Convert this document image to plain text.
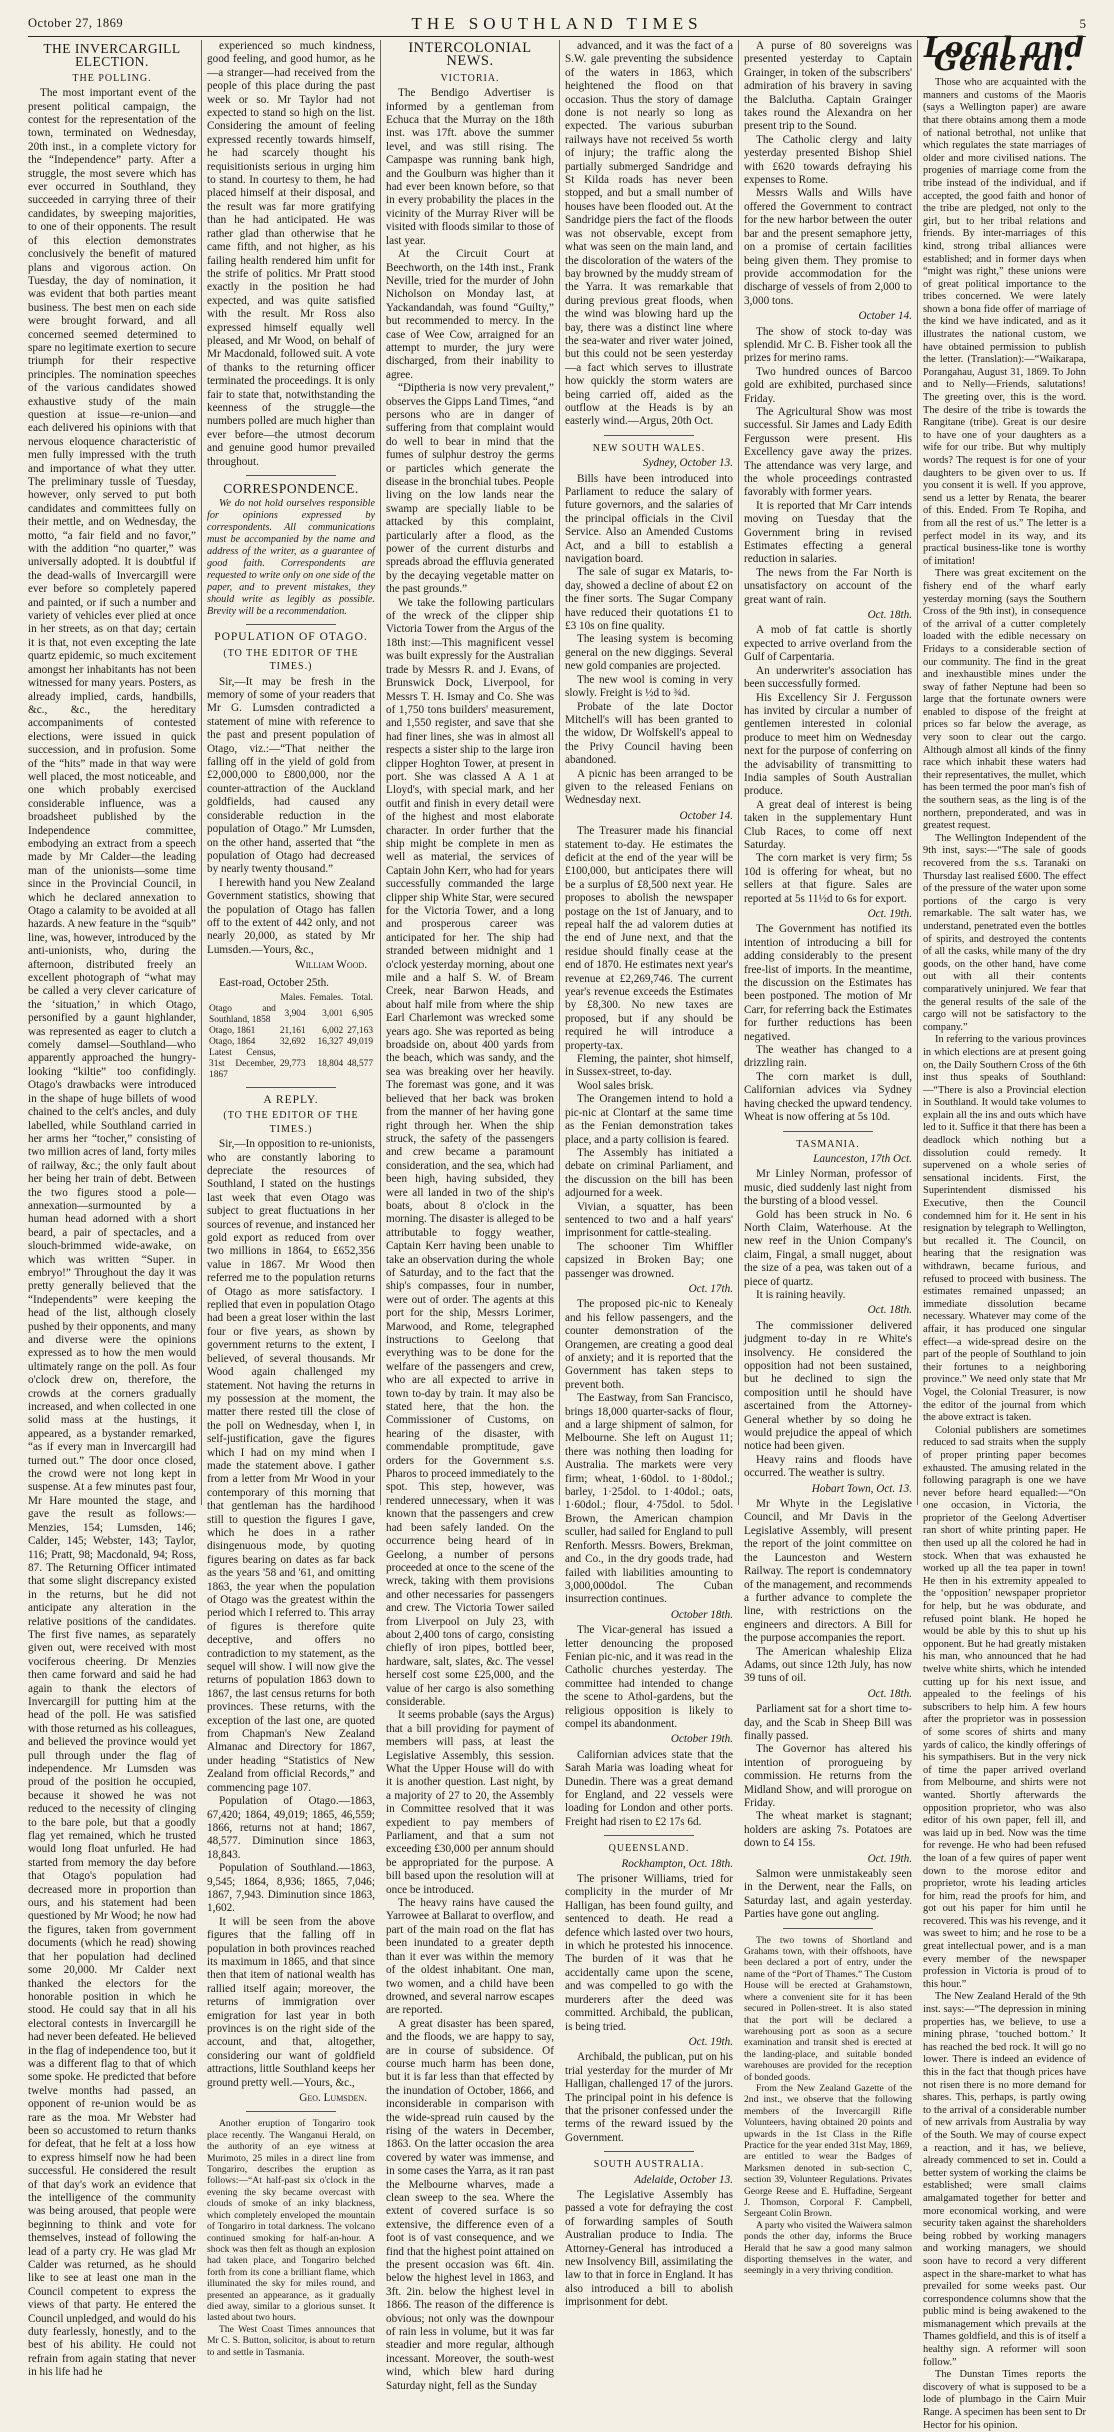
October 27, 1869	THE SOUTHLAND TIMES	5
THE INVERCARGILL ELECTION.
THE POLLING.

The most important event of the present political campaign, the contest for the representation of the town, terminated on Wednesday, 20th inst., in a complete victory for the “Independence” party. After a struggle, the most severe which has ever occurred in Southland, they succeeded in carrying three of their candidates, by sweeping majorities, to one of their opponents. The result of this election demonstrates conclusively the benefit of matured plans and vigorous action. On Tuesday, the day of nomination, it was evident that both parties meant business. The best men on each side were brought forward, and all concerned seemed determined to spare no legitimate exertion to secure triumph for their respective principles. The nomination speeches of the various candidates showed exhaustive study of the main question at issue—re-union—and each delivered his opinions with that nervous eloquence characteristic of men fully impressed with the truth and importance of what they utter. The preliminary tussle of Tuesday, however, only served to put both candidates and committees fully on their mettle, and on Wednesday, the motto, “a fair field and no favor,” with the addition “no quarter,” was universally adopted. It is doubtful if the dead-walls of Invercargill were ever before so completely papered and painted, or if such a number and variety of vehicles ever plied at once in her streets, as on that day; certain it is that, not even excepting the late quartz epidemic, so much excitement amongst her inhabitants has not been witnessed for many years. Posters, as already implied, cards, handbills, &c., &c., the hereditary accompaniments of contested elections, were issued in quick succession, and in profusion. Some of the “hits” made in that way were well placed, the most noticeable, and one which probably exercised considerable influence, was a broadsheet published by the Independence committee, embodying an extract from a speech made by Mr Calder—the leading man of the unionists—some time since in the Provincial Council, in which he declared annexation to Otago a calamity to be avoided at all hazards. A new feature in the “squib” line, was, however, introduced by the anti-unionists, who, during the afternoon, distributed freely an excellent photograph of “what may be called a very clever caricature of the ‘situation,’ in which Otago, personified by a gaunt highlander, was represented as eager to clutch a comely damsel—Southland—who apparently approached the hungry-looking “kiltie” too confidingly. Otago's drawbacks were introduced in the shape of huge billets of wood chained to the celt's ancles, and duly labelled, while Southland carried in her arms her “tocher,” consisting of two million acres of land, forty miles of railway, &c.; the only fault about her being her train of debt. Between the two figures stood a pole—annexation—surmounted by a human head adorned with a short beard, a pair of spectacles, and a slouch-brimmed wide-awake, on which was written “Super. in embryo!” Throughout the day it was pretty generally believed that the “Independents” were keeping the head of the list, although closely pushed by their opponents, and many and diverse were the opinions expressed as to how the men would ultimately range on the poll. As four o'clock drew on, therefore, the crowds at the corners gradually increased, and when collected in one solid mass at the hustings, it appeared, as a bystander remarked, “as if every man in Invercargill had turned out.” The door once closed, the crowd were not long kept in suspense. At a few minutes past four, Mr Hare mounted the stage, and gave the result as follows:—Menzies, 154; Lumsden, 146; Calder, 145; Webster, 143; Taylor, 116; Pratt, 98; Macdonald, 94; Ross, 87. The Returning Officer intimated that some slight discrepancy existed in the returns, but he did not anticipate any alteration in the relative positions of the candidates. The first five names, as separately given out, were received with most vociferous cheering. Dr Menzies then came forward and said he had again to thank the electors of Invercargill for putting him at the head of the poll. He was satisfied with those returned as his colleagues, and believed the province would yet pull through under the flag of independence. Mr Lumsden was proud of the position he occupied, because it showed he was not reduced to the necessity of clinging to the bare pole, but that a goodly flag yet remained, which he trusted would long float unfurled. He had started from memory the day before that Otago's population had decreased more in proportion than ours, and his statement had been questioned by Mr Wood; he now had the figures, taken from government documents (which he read) showing that her population had declined some 20,000. Mr Calder next thanked the electors for the honorable position in which he stood. He could say that in all his electoral contests in Invercargill he had never been defeated. He believed in the flag of independence too, but it was a different flag to that of which some spoke. He predicted that before twelve months had passed, an opponent of re-union would be as rare as the moa. Mr Webster had been so accustomed to return thanks for defeat, that he felt at a loss how to express himself now he had been successful. He considered the result of that day's work an evidence that the intelligence of the community was being aroused, that people were beginning to think and vote for themselves, instead of following the lead of a party cry. He was glad Mr Calder was returned, as he should like to see at least one man in the Council competent to express the views of that party. He entered the Council unpledged, and would do his duty fearlessly, honestly, and to the best of his ability. He could not refrain from again stating that never in his life had he

experienced so much kindness, good feeling, and good humor, as he—a stranger—had received from the people of this place during the past week or so. Mr Taylor had not expected to stand so high on the list. Considering the amount of feeling expressed recently towards himself, he had scarcely thought his requisitionists serious in urging him to stand. In courtesy to them, he had placed himself at their disposal, and the result was far more gratifying than he had anticipated. He was rather glad than otherwise that he came fifth, and not higher, as his failing health rendered him unfit for the strife of politics. Mr Pratt stood exactly in the position he had expected, and was quite satisfied with the result. Mr Ross also expressed himself equally well pleased, and Mr Wood, on behalf of Mr Macdonald, followed suit. A vote of thanks to the returning officer terminated the proceedings. It is only fair to state that, notwithstanding the keenness of the struggle—the numbers polled are much higher than ever before—the utmost decorum and genuine good humor prevailed throughout.

CORRESPONDENCE.

We do not hold ourselves responsible for opinions expressed by correspondents. All communications must be accompanied by the name and address of the writer, as a guarantee of good faith. Correspondents are requested to write only on one side of the paper, and to prevent mistakes, they should write as legibly as possible. Brevity will be a recommendation.

POPULATION OF OTAGO.
(TO THE EDITOR OF THE TIMES.)

Sir,—It may be fresh in the memory of some of your readers that Mr G. Lumsden contradicted a statement of mine with reference to the past and present population of Otago, viz.:—“That neither the falling off in the yield of gold from £2,000,000 to £800,000, nor the counter-attraction of the Auckland goldfields, had caused any considerable reduction in the population of Otago.” Mr Lumsden, on the other hand, asserted that “the population of Otago had decreased by nearly twenty thousand.”

I herewith hand you New Zealand Government statistics, showing that the population of Otago has fallen off to the extent of 442 only, and not nearly 20,000, as stated by Mr Lumsden.—Yours, &c.,

William Wood.

East-road, October 25th.

	Males.	Females.	Total.
Otago and Southland, 1858	3,904	3,001	6,905
Otago, 1861	21,161	6,002	27,163
Otago, 1864	32,692	16,327	49,019
Latest Census, 31st December, 1867	29,773	18,804	48,577
A REPLY.
(TO THE EDITOR OF THE TIMES.)

Sir,—In opposition to re-unionists, who are constantly laboring to depreciate the resources of Southland, I stated on the hustings last week that even Otago was subject to great fluctuations in her sources of revenue, and instanced her gold export as reduced from over two millions in 1864, to £652,356 value in 1867. Mr Wood then referred me to the population returns of Otago as more satisfactory. I replied that even in population Otago had been a great loser within the last four or five years, as shown by government returns to the extent, I believed, of several thousands. Mr Wood again challenged my statement. Not having the returns in my possession at the moment, the matter there rested till the close of the poll on Wednesday, when I, in self-justification, gave the figures which I had on my mind when I made the statement above. I gather from a letter from Mr Wood in your contemporary of this morning that that gentleman has the hardihood still to question the figures I gave, which he does in a rather disingenuous mode, by quoting figures bearing on dates as far back as the years '58 and '61, and omitting 1863, the year when the population of Otago was the greatest within the period which I referred to. This array of figures is therefore quite deceptive, and offers no contradiction to my statement, as the sequel will show. I will now give the returns of population 1863 down to 1867, the last census returns for both provinces. These returns, with the exception of the last one, are quoted from Chapman's New Zealand Almanac and Directory for 1867, under heading “Statistics of New Zealand from official Records,” and commencing page 107.

Population of Otago.—1863, 67,420; 1864, 49,019; 1865, 46,559; 1866, returns not at hand; 1867, 48,577. Diminution since 1863, 18,843.

Population of Southland.—1863, 9,545; 1864, 8,936; 1865, 7,046; 1867, 7,943. Diminution since 1863, 1,602.

It will be seen from the above figures that the falling off in population in both provinces reached its maximum in 1865, and that since then that item of national wealth has rallied itself again; moreover, the returns of immigration over emigration for last year in both provinces is on the right side of the account, and that, altogether, considering our want of goldfield attractions, little Southland keeps her ground pretty well.—Yours, &c.,

Geo. Lumsden.

Another eruption of Tongariro took place recently. The Wanganui Herald, on the authority of an eye witness at Murimoto, 25 miles in a direct line from Tongariro, describes the eruption as follows:—“At half-past six o'clock in the evening the sky became overcast with clouds of smoke of an inky blackness, which completely enveloped the mountain of Tongariro in total darkness. The volcano continued smoking for half-an-hour. A shock was then felt as though an explosion had taken place, and Tongariro belched forth from its cone a brilliant flame, which illuminated the sky for miles round, and presented an appearance, as it gradually died away, similar to a glorious sunset. It lasted about two hours.

The West Coast Times announces that Mr C. S. Button, solicitor, is about to return to and settle in Tasmania.

INTERCOLONIAL NEWS.
VICTORIA.

The Bendigo Advertiser is informed by a gentleman from Echuca that the Murray on the 18th inst. was 17ft. above the summer level, and was still rising. The Campaspe was running bank high, and the Goulburn was higher than it had ever been known before, so that in every probability the places in the vicinity of the Murray River will be visited with floods similar to those of last year.

At the Circuit Court at Beechworth, on the 14th inst., Frank Neville, tried for the murder of John Nicholson on Monday last, at Yackandandah, was found “Guilty,” but recommended to mercy. In the case of Wee Cow, arraigned for an attempt to murder, the jury were discharged, from their inability to agree.

“Diptheria is now very prevalent,” observes the Gipps Land Times, “and persons who are in danger of suffering from that complaint would do well to bear in mind that the fumes of sulphur destroy the germs or particles which generate the disease in the bronchial tubes. People living on the low lands near the swamp are specially liable to be attacked by this complaint, particularly after a flood, as the power of the current disturbs and spreads abroad the effluvia generated by the decaying vegetable matter on the past grounds.”

We take the following particulars of the wreck of the clipper ship Victoria Tower from the Argus of the 18th inst:—This magnificent vessel was built expressly for the Australian trade by Messrs R. and J. Evans, of Brunswick Dock, Liverpool, for Messrs T. H. Ismay and Co. She was of 1,750 tons builders' measurement, and 1,550 register, and save that she had finer lines, she was in almost all respects a sister ship to the large iron clipper Hoghton Tower, at present in port. She was classed A A 1 at Lloyd's, with special mark, and her outfit and finish in every detail were of the highest and most elaborate character. In order further that the ship might be complete in men as well as material, the services of Captain John Kerr, who had for years successfully commanded the large clipper ship White Star, were secured for the Victoria Tower, and a long and prosperous career was anticipated for her. The ship had stranded between midnight and 1 o'clock yesterday morning, about one mile and a half S. W. of Bream Creek, near Barwon Heads, and about half mile from where the ship Earl Charlemont was wrecked some years ago. She was reported as being broadside on, about 400 yards from the beach, which was sandy, and the sea was breaking over her heavily. The foremast was gone, and it was believed that her back was broken from the manner of her having gone right through her. When the ship struck, the safety of the passengers and crew became a paramount consideration, and the sea, which had been high, having subsided, they were all landed in two of the ship's boats, about 8 o'clock in the morning. The disaster is alleged to be attributable to foggy weather, Captain Kerr having been unable to take an observation during the whole of Saturday, and to the fact that the ship's compasses, four in number, were out of order. The agents at this port for the ship, Messrs Lorimer, Marwood, and Rome, telegraphed instructions to Geelong that everything was to be done for the welfare of the passengers and crew, who are all expected to arrive in town to-day by train. It may also be stated here, that the hon. the Commissioner of Customs, on hearing of the disaster, with commendable promptitude, gave orders for the Government s.s. Pharos to proceed immediately to the spot. This step, however, was rendered unnecessary, when it was known that the passengers and crew had been safely landed. On the occurrence being heard of in Geelong, a number of persons proceeded at once to the scene of the wreck, taking with them provisions and other necessaries for passengers and crew. The Victoria Tower sailed from Liverpool on July 23, with about 2,400 tons of cargo, consisting chiefly of iron pipes, bottled beer, hardware, salt, slates, &c. The vessel herself cost some £25,000, and the value of her cargo is also something considerable.

It seems probable (says the Argus) that a bill providing for payment of members will pass, at least the Legislative Assembly, this session. What the Upper House will do with it is another question. Last night, by a majority of 27 to 20, the Assembly in Committee resolved that it was expedient to pay members of Parliament, and that a sum not exceeding £30,000 per annum should be appropriated for the purpose. A bill based upon the resolution will at once be introduced.

The heavy rains have caused the Yarrowee at Ballarat to overflow, and part of the main road on the flat has been inundated to a greater depth than it ever was within the memory of the oldest inhabitant. One man, two women, and a child have been drowned, and several narrow escapes are reported.

A great disaster has been spared, and the floods, we are happy to say, are in course of subsidence. Of course much harm has been done, but it is far less than that effected by the inundation of October, 1866, and inconsiderable in comparison with the wide-spread ruin caused by the rising of the waters in December, 1863. On the latter occasion the area covered by water was immense, and in some cases the Yarra, as it ran past the Melbourne wharves, made a clean sweep to the sea. Where the extent of covered surface is so extensive, the difference even of a foot is of vast consequence, and we find that the highest point attained on the present occasion was 6ft. 4in. below the highest level in 1863, and 3ft. 2in. below the highest level in 1866. The reason of the difference is obvious; not only was the downpour of rain less in volume, but it was far steadier and more regular, although incessant. Moreover, the south-west wind, which blew hard during Saturday night, fell as the Sunday

advanced, and it was the fact of a S.W. gale preventing the subsidence of the waters in 1863, which heightened the flood on that occasion. Thus the story of damage done is not nearly so long as expected. The various suburban railways have not received 5s worth of injury; the traffic along the partially submerged Sandridge and St Kilda roads has never been stopped, and but a small number of houses have been flooded out. At the Sandridge piers the fact of the floods was not observable, except from what was seen on the main land, and the discoloration of the waters of the bay browned by the muddy stream of the Yarra. It was remarkable that during previous great floods, when the wind was blowing hard up the bay, there was a distinct line where the sea-water and river water joined, but this could not be seen yesterday—a fact which serves to illustrate how quickly the storm waters are being carried off, aided as the outflow at the Heads is by an easterly wind.—Argus, 20th Oct.

NEW SOUTH WALES.
Sydney, October 13.

Bills have been introduced into Parliament to reduce the salary of future governors, and the salaries of the principal officials in the Civil Service. Also an Amended Customs Act, and a bill to establish a navigation board.

The sale of sugar ex Mataris, to-day, showed a decline of about £2 on the finer sorts. The Sugar Company have reduced their quotations £1 to £3 10s on fine quality.

The leasing system is becoming general on the new diggings. Several new gold companies are projected.

The new wool is coming in very slowly. Freight is ½d to ¾d.

Probate of the late Doctor Mitchell's will has been granted to the widow, Dr Wolfskell's appeal to the Privy Council having been abandoned.

A picnic has been arranged to be given to the released Fenians on Wednesday next.

October 14.

The Treasurer made his financial statement to-day. He estimates the deficit at the end of the year will be £100,000, but anticipates there will be a surplus of £8,500 next year. He proposes to abolish the newspaper postage on the 1st of January, and to repeal half the ad valorem duties at the end of June next, and that the residue should finally cease at the end of 1870. He estimates next year's revenue at £2,269,746. The current year's revenue exceeds the Estimates by £8,300. No new taxes are proposed, but if any should be required he will introduce a property-tax.

Fleming, the painter, shot himself, in Sussex-street, to-day.

Wool sales brisk.

The Orangemen intend to hold a pic-nic at Clontarf at the same time as the Fenian demonstration takes place, and a party collision is feared.

The Assembly has initiated a debate on criminal Parliament, and the discussion on the bill has been adjourned for a week.

Vivian, a squatter, has been sentenced to two and a half years' imprisonment for cattle-stealing.

The schooner Tim Whiffler capsized in Broken Bay; one passenger was drowned.

Oct. 17th.

The proposed pic-nic to Kenealy and his fellow passengers, and the counter demonstration of the Orangemen, are creating a good deal of anxiety; and it is reported that the Government has taken steps to prevent both.

The Eastway, from San Francisco, brings 18,000 quarter-sacks of flour, and a large shipment of salmon, for Melbourne. She left on August 11; there was nothing then loading for Australia. The markets were very firm; wheat, 1·60dol. to 1·80dol.; barley, 1·25dol. to 1·40dol.; oats, 1·60dol.; flour, 4·75dol. to 5dol. Brown, the American champion sculler, had sailed for England to pull Renforth. Messrs. Bowers, Brekman, and Co., in the dry goods trade, had failed with liabilities amounting to 3,000,000dol. The Cuban insurrection continues.

October 18th.

The Vicar-general has issued a letter denouncing the proposed Fenian pic-nic, and it was read in the Catholic churches yesterday. The committee had intended to change the scene to Athol-gardens, but the religious opposition is likely to compel its abandonment.

October 19th.

Californian advices state that the Sarah Maria was loading wheat for Dunedin. There was a great demand for England, and 22 vessels were loading for London and other ports. Freight had risen to £2 17s 6d.

QUEENSLAND.
Rockhampton, Oct. 18th.

The prisoner Williams, tried for complicity in the murder of Mr Halligan, has been found guilty, and sentenced to death. He read a defence which lasted over two hours, in which he protested his innocence. The burden of it was that he accidentally came upon the scene, and was compelled to go with the murderers after the deed was committed. Archibald, the publican, is being tried.

Oct. 19th.

Archibald, the publican, put on his trial yesterday for the murder of Mr Halligan, challenged 17 of the jurors. The principal point in his defence is that the prisoner confessed under the terms of the reward issued by the Government.

SOUTH AUSTRALIA.
Adelaide, October 13.

The Legislative Assembly has passed a vote for defraying the cost of forwarding samples of South Australian produce to India. The Attorney-General has introduced a new Insolvency Bill, assimilating the law to that in force in England. It has also introduced a bill to abolish imprisonment for debt.

A purse of 80 sovereigns was presented yesterday to Captain Grainger, in token of the subscribers' admiration of his bravery in saving the Balclutha. Captain Grainger takes round the Alexandra on her present trip to the Sound.

The Catholic clergy and laity yesterday presented Bishop Shiel with £620 towards defraying his expenses to Rome.

Messrs Walls and Wills have offered the Government to contract for the new harbor between the outer bar and the present semaphore jetty, on a promise of certain facilities being given them. They promise to provide accommodation for the discharge of vessels of from 2,000 to 3,000 tons.

October 14.

The show of stock to-day was splendid. Mr C. B. Fisher took all the prizes for merino rams.

Two hundred ounces of Barcoo gold are exhibited, purchased since Friday.

The Agricultural Show was most successful. Sir James and Lady Edith Fergusson were present. His Excellency gave away the prizes. The attendance was very large, and the whole proceedings contrasted favorably with former years.

It is reported that Mr Carr intends moving on Tuesday that the Government bring in revised Estimates effecting a general reduction in salaries.

The news from the Far North is unsatisfactory on account of the great want of rain.

Oct. 18th.

A mob of fat cattle is shortly expected to arrive overland from the Gulf of Carpentaria.

An underwriter's association has been successfully formed.

His Excellency Sir J. Fergusson has invited by circular a number of gentlemen interested in colonial produce to meet him on Wednesday next for the purpose of conferring on the advisability of transmitting to India samples of South Australian produce.

A great deal of interest is being taken in the supplementary Hunt Club Races, to come off next Saturday.

The corn market is very firm; 5s 10d is offering for wheat, but no sellers at that figure. Sales are reported at 5s 11½d to 6s for export.

Oct. 19th.

The Government has notified its intention of introducing a bill for adding considerably to the present free-list of imports. In the meantime, the discussion on the Estimates has been postponed. The motion of Mr Carr, for referring back the Estimates for further reductions has been negatived.

The weather has changed to a drizzling rain.

The corn market is dull, Californian advices via Sydney having checked the upward tendency. Wheat is now offering at 5s 10d.

TASMANIA.
Launceston, 17th Oct.

Mr Linley Norman, professor of music, died suddenly last night from the bursting of a blood vessel.

Gold has been struck in No. 6 North Claim, Waterhouse. At the new reef in the Union Company's claim, Fingal, a small nugget, about the size of a pea, was taken out of a piece of quartz.

It is raining heavily.

Oct. 18th.

The commissioner delivered judgment to-day in re White's insolvency. He considered the opposition had not been sustained, but he declined to sign the composition until he should have ascertained from the Attorney-General whether by so doing he would prejudice the appeal of which notice had been given.

Heavy rains and floods have occurred. The weather is sultry.

Hobart Town, Oct. 13.

Mr Whyte in the Legislative Council, and Mr Davis in the Legislative Assembly, will present the report of the joint committee on the Launceston and Western Railway. The report is condemnatory of the management, and recommends a further advance to complete the line, with restrictions on the engineers and directors. A Bill for the purpose accompanies the report.

The American whaleship Eliza Adams, out since 12th July, has now 39 tuns of oil.

Oct. 18th.

Parliament sat for a short time to-day, and the Scab in Sheep Bill was finally passed.

The Governor has altered his intention of prorogueing by commission. He returns from the Midland Show, and will prorogue on Friday.

The wheat market is stagnant; holders are asking 7s. Potatoes are down to £4 15s.

Oct. 19th.

Salmon were unmistakeably seen in the Derwent, near the Falls, on Saturday last, and again yesterday. Parties have gone out angling.

The two towns of Shortland and Grahams town, with their offshoots, have been declared a port of entry, under the name of the “Port of Thames.” The Custom House will be erected at Grahamstown, where a convenient site for it has been secured in Pollen-street. It is also stated that the port will be declared a warehousing port as soon as a secure examination and transit shed is erected at the landing-place, and suitable bonded warehouses are provided for the reception of bonded goods.

From the New Zealand Gazette of the 2nd inst., we observe that the following members of the Invercargill Rifle Volunteers, having obtained 20 points and upwards in the 1st Class in the Rifle Practice for the year ended 31st May, 1869, are entitled to wear the Badges of Marksmen denoted in sub-section C, section 39, Volunteer Regulations. Privates George Reese and E. Huffadine, Sergeant J. Thomson, Corporal F. Campbell, Sergeant Colin Brown.

A party who visited the Waiwera salmon ponds the other day, informs the Bruce Herald that he saw a good many salmon disporting themselves in the water, and seemingly in a very thriving condition.

Local and General.

Those who are acquainted with the manners and customs of the Maoris (says a Wellington paper) are aware that there obtains among them a mode of national betrothal, not unlike that which regulates the state marriages of older and more civilised nations. The progenies of marriage come from the tribe instead of the individual, and if accepted, the good faith and honor of the tribe are pledged, not only to the girl, but to her tribal relations and friends. By inter-marriages of this kind, strong tribal alliances were established; and in former days when “might was right,” these unions were of great political importance to the tribes concerned. We were lately shown a bona fide offer of marriage of the kind we have indicated, and as it illustrates the national custom, we have obtained permission to publish the letter. (Translation):—“Waikarapa, Porangahau, August 31, 1869. To John and to Nelly—Friends, salutations! The greeting over, this is the word. The desire of the tribe is towards the Rangitane (tribe). Great is our desire to have one of your daughters as a wife for our tribe. But why multiply words? The request is for one of your daughters to be given over to us. If you consent it is well. If you approve, send us a letter by Renata, the bearer of this. Ended. From Te Ropiha, and from all the rest of us.” The letter is a perfect model in its way, and its practical business-like tone is worthy of imitation!

There was great excitement on the fishery end of the wharf early yesterday morning (says the Southern Cross of the 9th inst), in consequence of the arrival of a cutter completely loaded with the edible necessary on Fridays to a considerable section of our community. The find in the great and inexhaustible mines under the sway of father Neptune had been so large that the fortunate owners were enabled to dispose of the freight at prices so far below the average, as very soon to clear out the cargo. Although almost all kinds of the finny race which inhabit these waters had their representatives, the mullet, which has been termed the poor man's fish of the southern seas, as the ling is of the northern, preponderated, and was in greatest request.

The Wellington Independent of the 9th inst, says:—“The sale of goods recovered from the s.s. Taranaki on Thursday last realised £600. The effect of the pressure of the water upon some portions of the cargo is very remarkable. The salt water has, we understand, penetrated even the bottles of spirits, and destroyed the contents of all the casks, while many of the dry goods, on the other hand, have come out with all their contents comparatively uninjured. We fear that the general results of the sale of the cargo will not be satisfactory to the company.”

In referring to the various provinces in which elections are at present going on, the Daily Southern Cross of the 6th inst thus speaks of Southland:—“There is also a Provincial election in Southland. It would take volumes to explain all the ins and outs which have led to it. Suffice it that there has been a deadlock which nothing but a dissolution could remedy. It supervened on a whole series of sensational incidents. First, the Superintendent dismissed his Executive, then the Council condemned him for it. He sent in his resignation by telegraph to Wellington, but recalled it. The Council, on hearing that the resignation was withdrawn, became furious, and refused to proceed with business. The estimates remained unpassed; an immediate dissolution became necessary. Whatever may come of the affair, it has produced one singular effect—a wide-spread desire on the part of the people of Southland to join their fortunes to a neighboring province.” We need only state that Mr Vogel, the Colonial Treasurer, is now the editor of the journal from which the above extract is taken.

Colonial publishers are sometimes reduced to sad straits when the supply of proper printing paper becomes exhausted. The amusing related in the following paragraph is one we have never before heard equalled:—“On one occasion, in Victoria, the proprietor of the Geelong Advertiser ran short of white printing paper. He then used up all the colored he had in stock. When that was exhausted he worked up all the tea paper in town! He then in his extremity appealed to the ‘opposition’ newspaper proprietor for help, but he was obdurate, and refused point blank. He hoped he would be able by this to shut up his opponent. But he had greatly mistaken his man, who announced that he had twelve white shirts, which he intended cutting up for his next issue, and appealed to the feelings of his subscribers to help him. A few hours after the proprietor was in possession of some scores of shirts and many yards of calico, the kindly offerings of his sympathisers. But in the very nick of time the paper arrived overland from Melbourne, and shirts were not wanted. Shortly afterwards the opposition proprietor, who was also editor of his own paper, fell ill, and was laid up in bed. Now was the time for revenge. He who had been refused the loan of a few quires of paper went down to the morose editor and proprietor, wrote his leading articles for him, read the proofs for him, and got out his paper for him until he recovered. This was his revenge, and it was sweet to him; and he rose to be a great intellectual power, and is a man every member of the newspaper profession in Victoria is proud of to this hour.”

The New Zealand Herald of the 9th inst. says:—“The depression in mining properties has, we believe, to use a mining phrase, ‘touched bottom.’ It has reached the bed rock. It will go no lower. There is indeed an evidence of this in the fact that though prices have not risen there is no more demand for shares. This, perhaps, is partly owing to the arrival of a considerable number of new arrivals from Australia by way of the South. We may of course expect a reaction, and it has, we believe, already commenced to set in. Could a better system of working the claims be established; were small claims amalgamated together for better and more economical working, and were security taken against the shareholders being robbed by working managers and working managers, we should soon have to record a very different aspect in the share-market to what has prevailed for some weeks past. Our correspondence columns show that the public mind is being awakened to the mismanagement which prevails at the Thames goldfield, and this is of itself a healthy sign. A reformer will soon follow.”

The Dunstan Times reports the discovery of what is supposed to be a lode of plumbago in the Cairn Muir Range. A specimen has been sent to Dr Hector for his opinion.
